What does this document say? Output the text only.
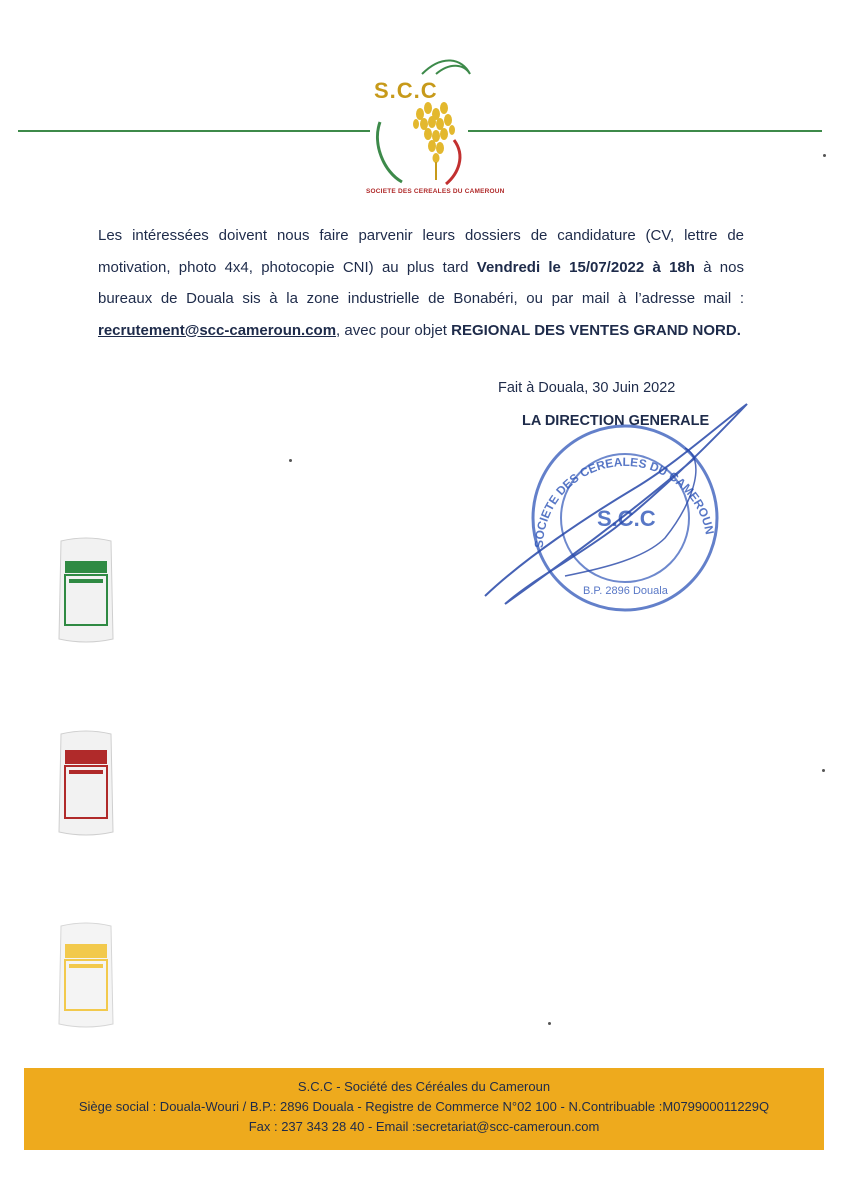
S.C.C
SOCIETE DES CEREALES DU CAMEROUN
Les intéressées doivent nous faire parvenir leurs dossiers de candidature (CV, lettre de motivation, photo 4x4, photocopie CNI) au plus tard Vendredi le 15/07/2022 à 18h à nos bureaux de Douala sis à la zone industrielle de Bonabéri, ou par mail à l’adresse mail : recrutement@scc-cameroun.com, avec pour objet REGIONAL DES VENTES GRAND NORD.
Fait à Douala, 30 Juin 2022
LA DIRECTION GENERALE
SOCIETE DES CEREALES DU CAMEROUN
S.C.C
B.P. 2896 Douala
S.C.C - Société des Céréales du Cameroun
Siège social : Douala-Wouri / B.P.: 2896 Douala - Registre de Commerce N°02 100 - N.Contribuable :M079900011229Q
Fax : 237 343 28 40 - Email :secretariat@scc-cameroun.com
